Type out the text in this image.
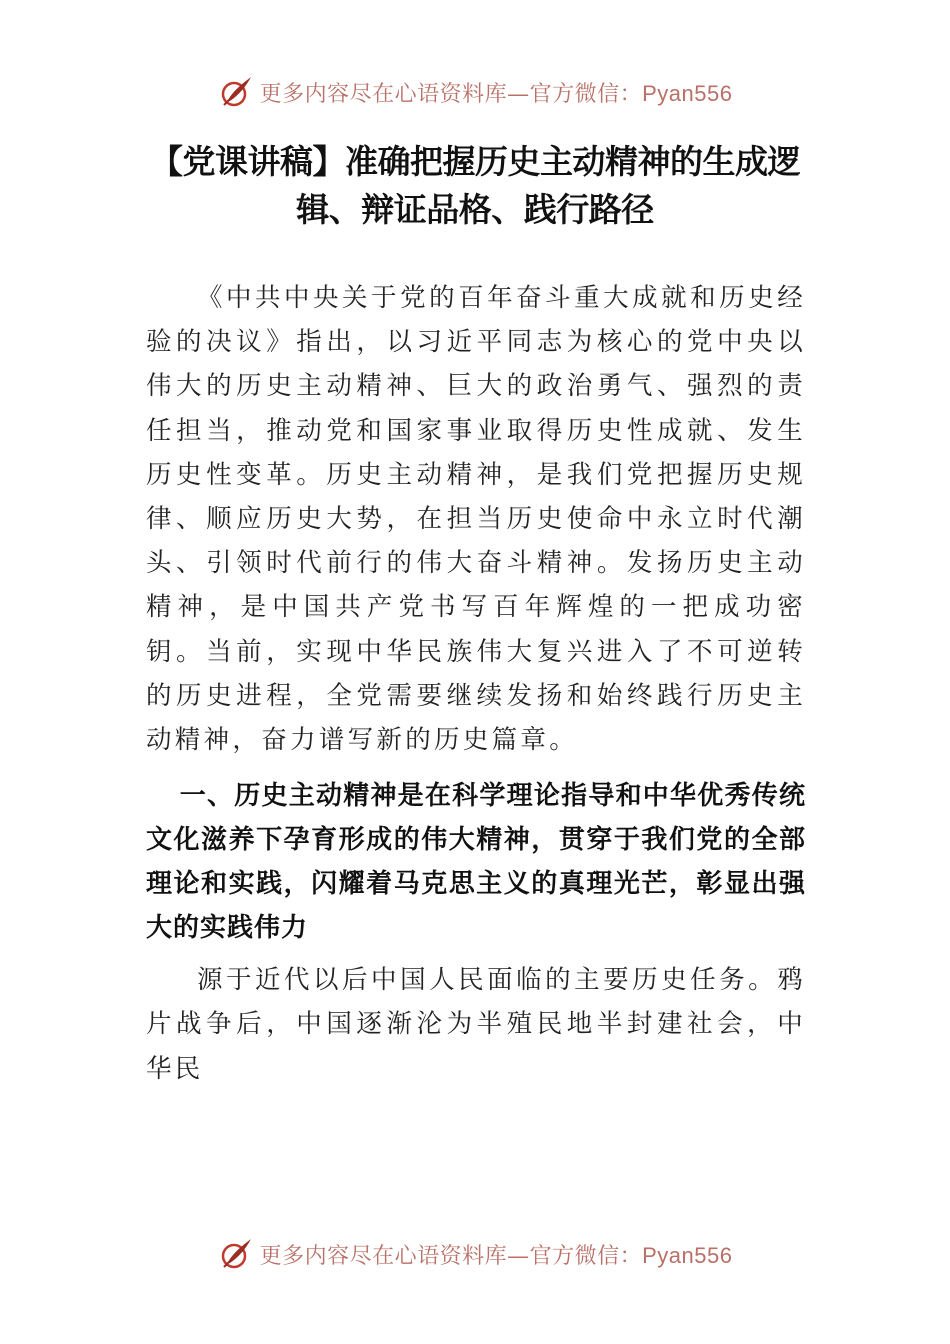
更多内容尽在心语资料库—官方微信：Pyan556
【党课讲稿】准确把握历史主动精神的生成逻辑、辩证品格、践行路径

《中共中央关于党的百年奋斗重大成就和历史经验的决议》指出，以习近平同志为核心的党中央以伟大的历史主动精神、巨大的政治勇气、强烈的责任担当，推动党和国家事业取得历史性成就、发生历史性变革。历史主动精神，是我们党把握历史规律、顺应历史大势，在担当历史使命中永立时代潮头、引领时代前行的伟大奋斗精神。发扬历史主动精神，是中国共产党书写百年辉煌的一把成功密钥。当前，实现中华民族伟大复兴进入了不可逆转的历史进程，全党需要继续发扬和始终践行历史主动精神，奋力谱写新的历史篇章。

一、历史主动精神是在科学理论指导和中华优秀传统文化滋养下孕育形成的伟大精神，贯穿于我们党的全部理论和实践，闪耀着马克思主义的真理光芒，彰显出强大的实践伟力

源于近代以后中国人民面临的主要历史任务。鸦片战争后，中国逐渐沦为半殖民地半封建社会，中华民

更多内容尽在心语资料库—官方微信：Pyan556
